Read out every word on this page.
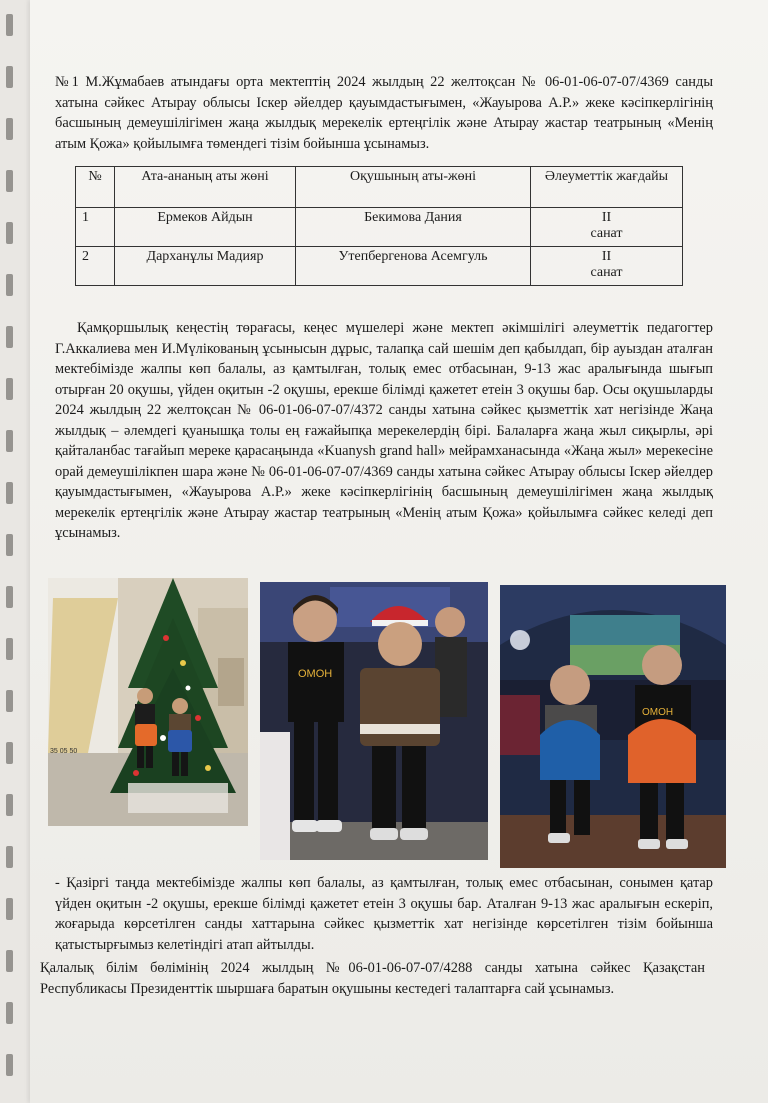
№1 М.Жұмабаев атындағы орта мектептің 2024 жылдың 22 желтоқсан № 06-01-06-07-07/4369 санды хатына сәйкес Атырау облысы Іскер әйелдер қауымдастығымен, «Жауырова А.Р.» жеке кәсіпкерлігінің басшының демеушілігімен жаңа жылдық мерекелік ертеңгілік және Атырау жастар театрының «Менің атым Қожа» қойылымға төмендегі тізім бойынша ұсынамыз.

№	Ата-ананың аты жөні	Оқушының аты-жөні	Әлеуметтік жағдайы
1	Ермеков Айдын	Бекимова Дания	II
санат

2	Дарханұлы Мадияр	Утепбергенова Асемгуль	II
санат

Қамқоршылық кеңестің төрағасы, кеңес мүшелері және мектеп әкімшілігі әлеуметтік педагогтер Г.Аккалиева мен И.Мүлікованың ұсынысын дұрыс, талапқа сай шешім деп қабылдап, бір ауыздан аталған мектебімізде жалпы көп балалы, аз қамтылған, толық емес отбасынан, 9-13 жас аралығында шығып отырған 20 оқушы, үйден оқитын -2 оқушы, ерекше білімді қажетет етеін 3 оқушы бар. Осы оқушыларды 2024 жылдың 22 желтоқсан № 06-01-06-07-07/4372 санды хатына сәйкес қызметтік хат негізінде Жаңа жылдық – әлемдегі қуанышқа толы ең ғажайыпқа мерекелердің бірі. Балаларға жаңа жыл сиқырлы, әрі қайталанбас тағайып мереке қарасаңында «Kuanysh grand hall» мейрамханасында «Жаңа жыл» мерекесіне орай демеушілікпен шара және № 06-01-06-07-07/4369 санды хатына сәйкес Атырау облысы Іскер әйелдер қауымдастығымен, «Жауырова А.Р.» жеке кәсіпкерлігінің басшының демеушілігімен жаңа жылдық мерекелік ертеңгілік және Атырау жастар театрының «Менің атым Қожа» қойылымға сәйкес келеді деп ұсынамыз.

35 05 50
ОМОН
ОМОН

- Қазіргі таңда мектебімізде жалпы көп балалы, аз қамтылған, толық емес отбасынан, сонымен қатар үйден оқитын -2 оқушы, ерекше білімді қажетет етеін 3 оқушы бар. Аталған 9-13 жас аралығын ескеріп, жоғарыда көрсетілген санды хаттарына сәйкес қызметтік хат негізінде көрсетілген тізім бойынша қатыстырғымыз келетіндігі атап айтылды.

Қалалық білім бөлімінің 2024 жылдың №06-01-06-07-07/4288 санды хатына сәйкес Қазақстан Республикасы Президенттік шыршаға баратын оқушыны кестедегі талаптарға сай ұсынамыз.
